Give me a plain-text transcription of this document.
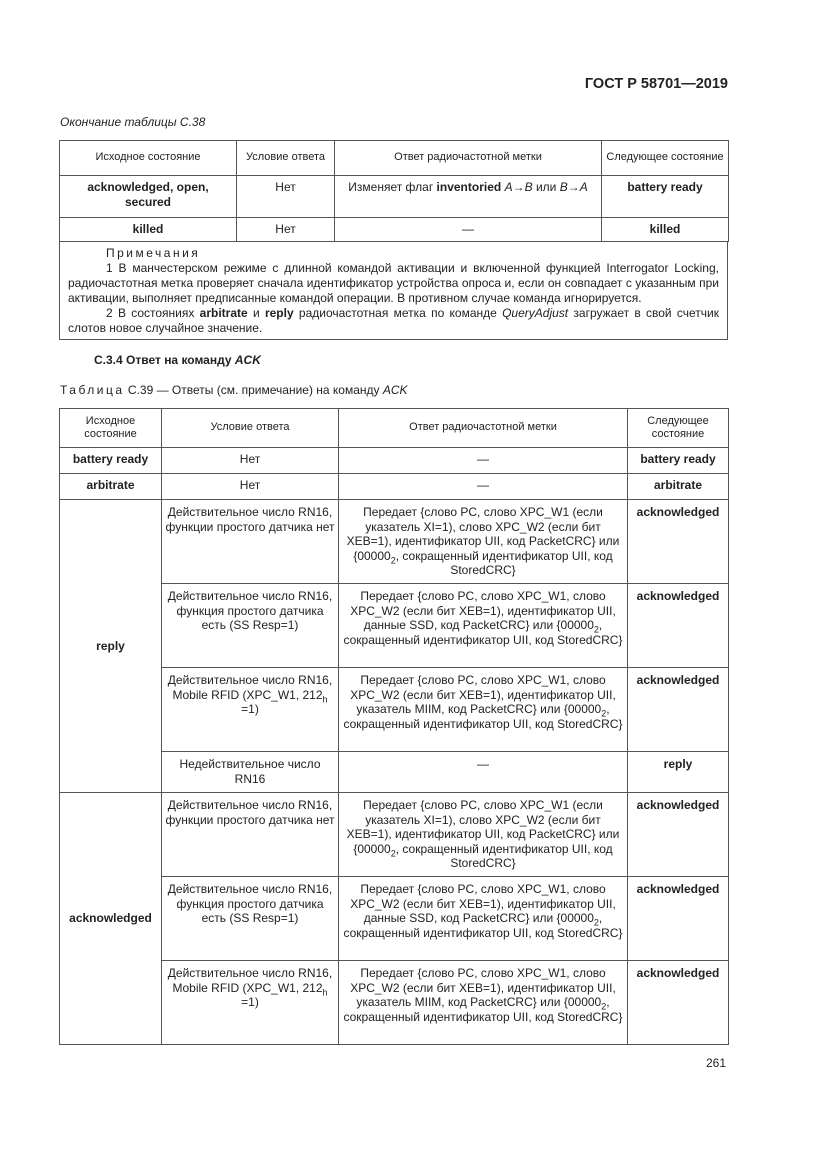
ГОСТ Р 58701—2019
Окончание таблицы С.38
Исходное состояние	Условие ответа	Ответ радиочастотной метки	Следующее состояние
acknowledged, open, secured	Нет	Изменяет флаг inventoried A→B или B→A	battery ready
killed	Нет	—	killed

Примечания

1 В манчестерском режиме с длинной командой активации и включенной функцией Interrogator Locking, радиочастотная метка проверяет сначала идентификатор устройства опроса и, если он совпадает с указанным при активации, выполняет предписанные командой операции. В противном случае команда игнорируется.

2 В состояниях arbitrate и reply радиочастотная метка по команде QueryAdjust загружает в свой счетчик слотов новое случайное значение.

С.3.4 Ответ на команду ACK
Таблица С.39 — Ответы (см. примечание) на команду ACK
Исходное состояние	Условие ответа	Ответ радиочастотной метки	Следующее состояние
battery ready	Нет	—	battery ready
arbitrate	Нет	—	arbitrate
reply	Действительное число RN16, функции простого датчика нет	Передает {слово PC, слово XPC_W1 (если указатель XI=1), слово XPC_W2 (если бит XEB=1), идентификатор UII, код PacketCRC} или {$00000_2$, сокращенный идентификатор UII, код StoredCRC}	acknowledged
	Действительное число RN16, функция простого датчика есть (SS Resp=1)	Передает {слово PC, слово XPC_W1, слово XPC_W2 (если бит XEB=1), идентификатор UII, данные SSD, код PacketCRC} или {$00000_2$, сокращенный идентификатор UII, код StoredCRC}	acknowledged
	Действительное число RN16, Mobile RFID (XPC_W1, $212_h =1$)	Передает {слово PC, слово XPC_W1, слово XPC_W2 (если бит XEB=1), идентификатор UII, указатель MIIM, код PacketCRC} или {$00000_2$, сокращенный идентификатор UII, код StoredCRC}	acknowledged
	Недействительное число RN16	—	reply
acknowledged	Действительное число RN16, функции простого датчика нет	Передает {слово PC, слово XPC_W1 (если указатель XI=1), слово XPC_W2 (если бит XEB=1), идентификатор UII, код PacketCRC} или {$00000_2$, сокращенный идентификатор UII, код StoredCRC}	acknowledged
	Действительное число RN16, функция простого датчика есть (SS Resp=1)	Передает {слово PC, слово XPC_W1, слово XPC_W2 (если бит XEB=1), идентификатор UII, данные SSD, код PacketCRC} или {$00000_2$, сокращенный идентификатор UII, код StoredCRC}	acknowledged
	Действительное число RN16, Mobile RFID (XPC_W1, $212_h =1$)	Передает {слово PC, слово XPC_W1, слово XPC_W2 (если бит XEB=1), идентификатор UII, указатель MIIM, код PacketCRC} или {$00000_2$, сокращенный идентификатор UII, код StoredCRC}	acknowledged
261
